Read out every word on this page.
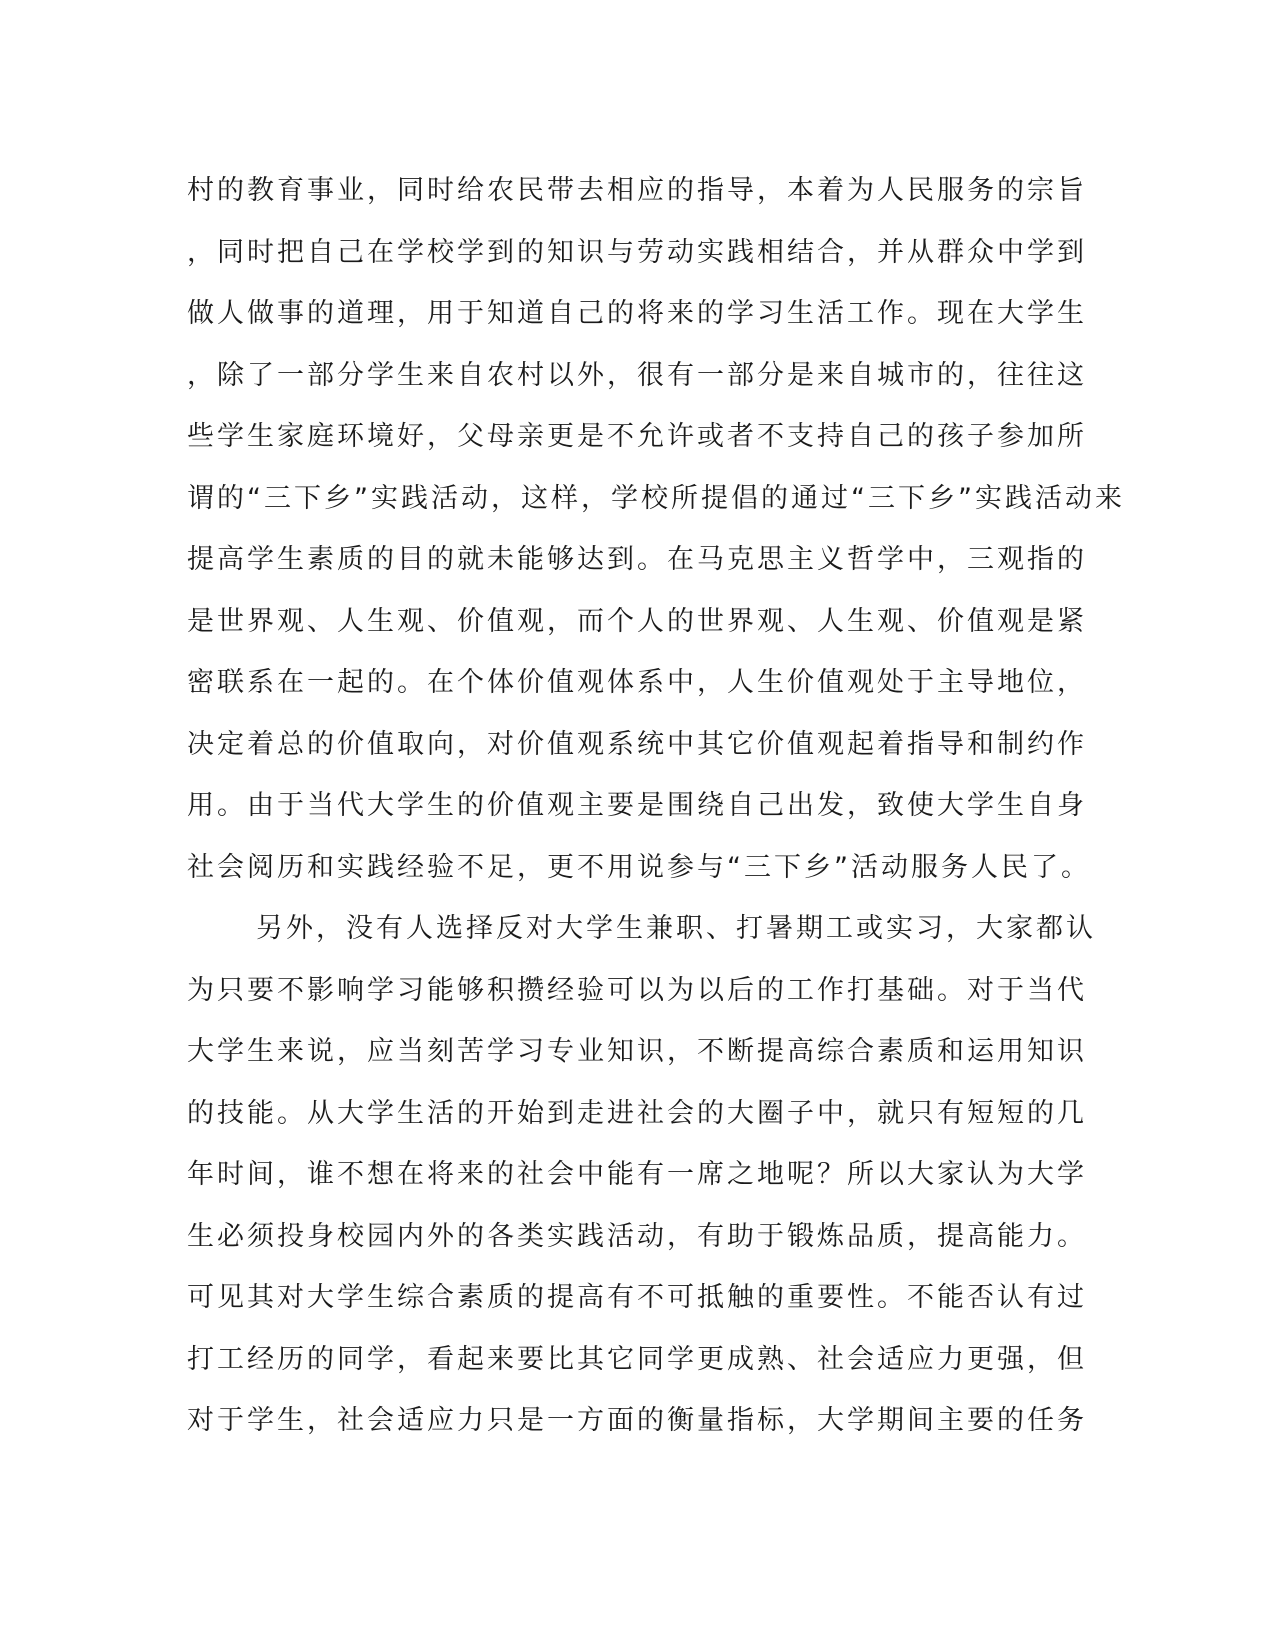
村的教育事业，同时给农民带去相应的指导，本着为人民服务的宗旨
，同时把自己在学校学到的知识与劳动实践相结合，并从群众中学到
做人做事的道理，用于知道自己的将来的学习生活工作。现在大学生
，除了一部分学生来自农村以外，很有一部分是来自城市的，往往这
些学生家庭环境好，父母亲更是不允许或者不支持自己的孩子参加所
谓的“三下乡”实践活动，这样，学校所提倡的通过“三下乡”实践活动来
提高学生素质的目的就未能够达到。在马克思主义哲学中，三观指的
是世界观、人生观、价值观，而个人的世界观、人生观、价值观是紧
密联系在一起的。在个体价值观体系中，人生价值观处于主导地位，
决定着总的价值取向，对价值观系统中其它价值观起着指导和制约作
用。由于当代大学生的价值观主要是围绕自己出发，致使大学生自身
社会阅历和实践经验不足，更不用说参与“三下乡”活动服务人民了。
另外，没有人选择反对大学生兼职、打暑期工或实习，大家都认
为只要不影响学习能够积攒经验可以为以后的工作打基础。对于当代
大学生来说，应当刻苦学习专业知识，不断提高综合素质和运用知识
的技能。从大学生活的开始到走进社会的大圈子中，就只有短短的几
年时间，谁不想在将来的社会中能有一席之地呢？所以大家认为大学
生必须投身校园内外的各类实践活动，有助于锻炼品质，提高能力。
可见其对大学生综合素质的提高有不可抵触的重要性。不能否认有过
打工经历的同学，看起来要比其它同学更成熟、社会适应力更强，但
对于学生，社会适应力只是一方面的衡量指标，大学期间主要的任务
